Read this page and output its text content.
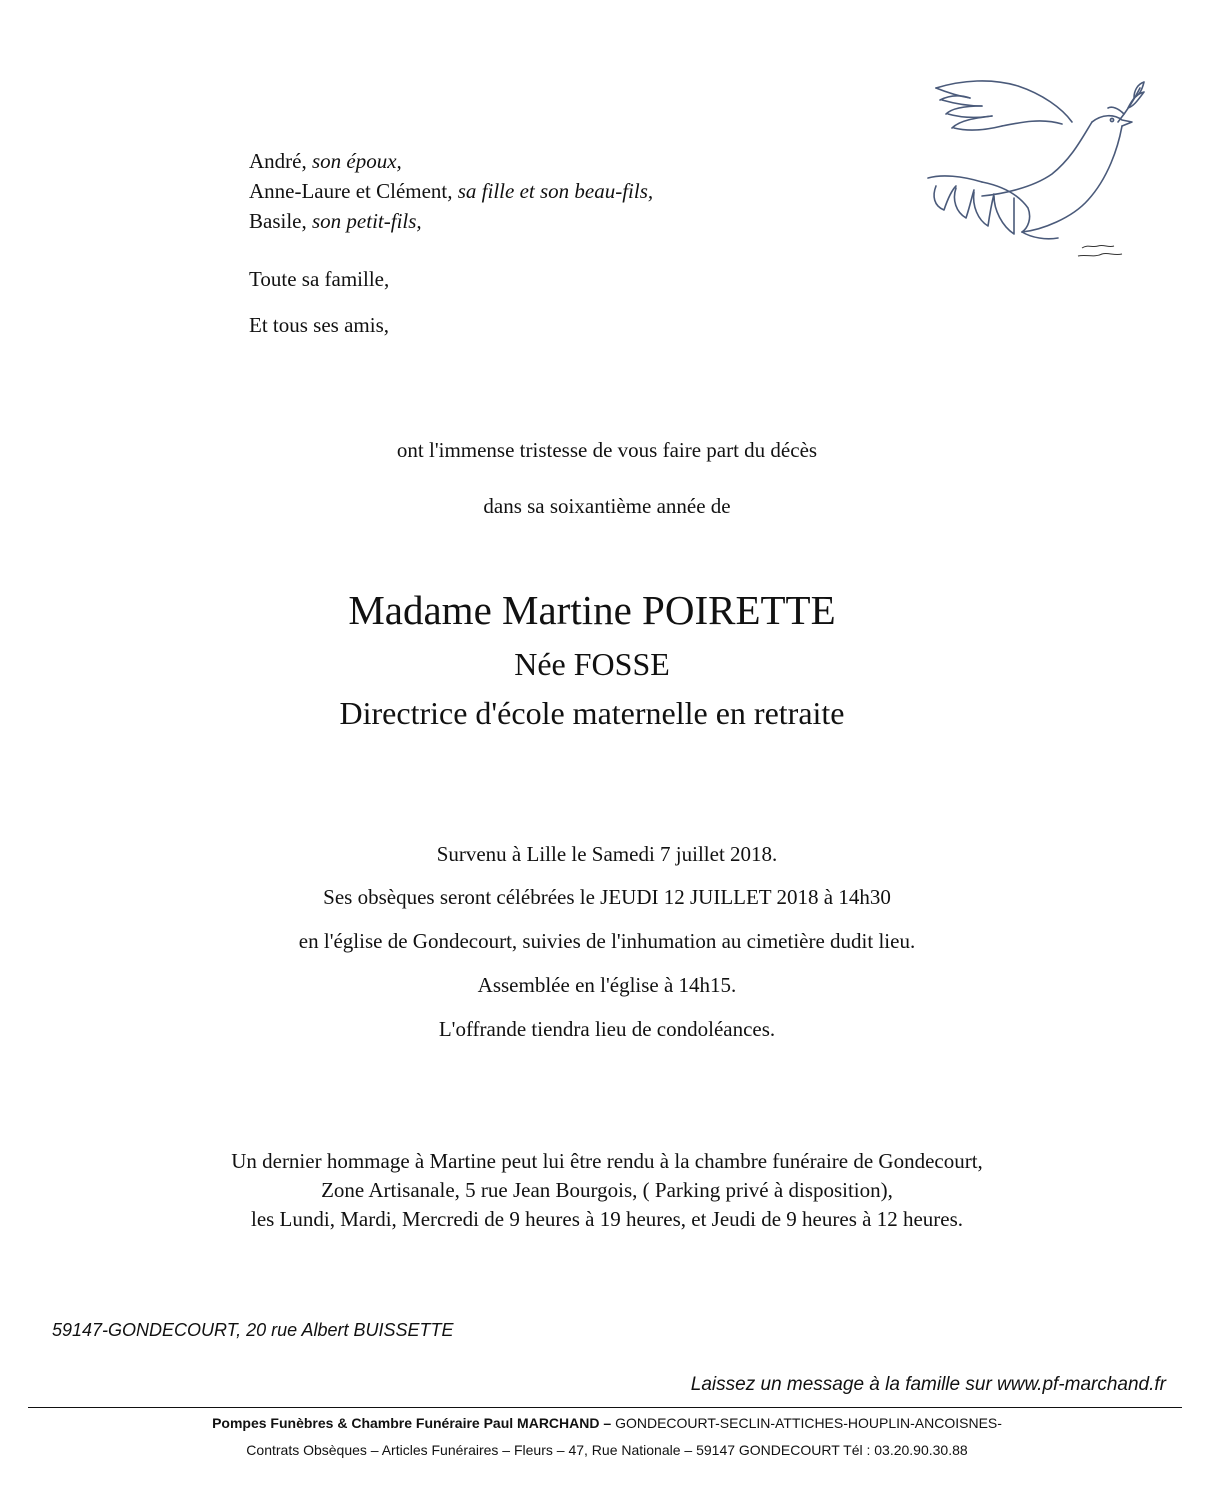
André, son époux,
Anne-Laure et Clément, sa fille et son beau-fils,
Basile, son petit-fils,
Toute sa famille,
Et tous ses amis,
ont l'immense tristesse de vous faire part du décès
dans sa soixantième année de
Madame Martine POIRETTE
Née FOSSE
Directrice d'école maternelle en retraite
Survenu à Lille le Samedi 7 juillet 2018.
Ses obsèques seront célébrées le JEUDI 12 JUILLET 2018 à 14h30
en l'église de Gondecourt, suivies de l'inhumation au cimetière dudit lieu.
Assemblée en l'église à 14h15.
L'offrande tiendra lieu de condoléances.
Un dernier hommage à Martine peut lui être rendu à la chambre funéraire de Gondecourt,
Zone Artisanale, 5 rue Jean Bourgois, ( Parking privé à disposition),
les Lundi, Mardi, Mercredi de 9 heures à 19 heures, et Jeudi de 9 heures à 12 heures.
59147-GONDECOURT, 20 rue Albert BUISSETTE
Laissez un message à la famille sur www.pf-marchand.fr
Pompes Funèbres & Chambre Funéraire Paul MARCHAND – GONDECOURT-SECLIN-ATTICHES-HOUPLIN-ANCOISNES-
Contrats Obsèques – Articles Funéraires – Fleurs – 47, Rue Nationale – 59147 GONDECOURT Tél : 03.20.90.30.88
